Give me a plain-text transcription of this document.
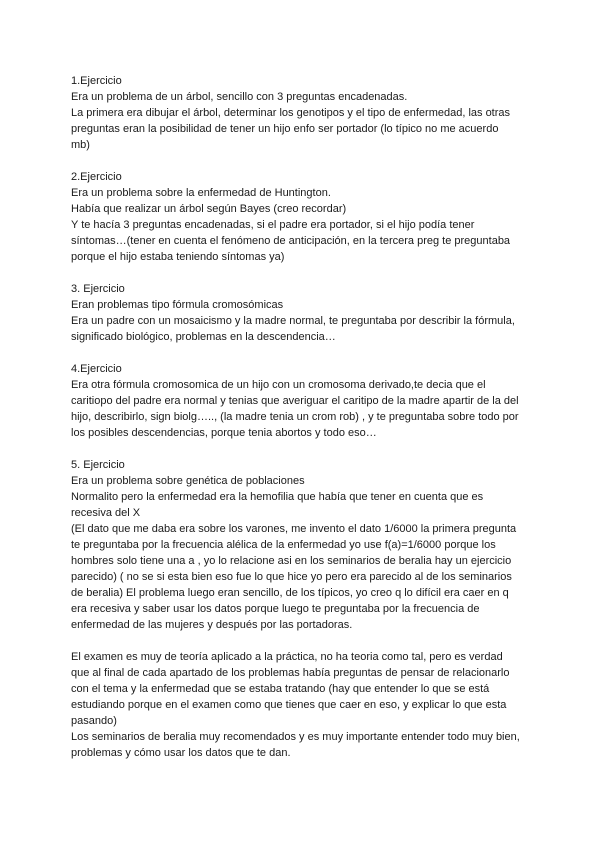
1.Ejercicio

Era un problema de un árbol, sencillo con 3 preguntas encadenadas.

La primera era dibujar el árbol, determinar los genotipos y el tipo de enfermedad, las otras

preguntas eran la posibilidad de tener un hijo enfo ser portador (lo típico no me acuerdo

mb)

2.Ejercicio

Era un problema sobre la enfermedad de Huntington.

Había que realizar un árbol según Bayes (creo recordar)

Y te hacía 3 preguntas encadenadas, si el padre era portador, si el hijo podía tener

síntomas…(tener en cuenta el fenómeno de anticipación, en la tercera preg te preguntaba

porque el hijo estaba teniendo síntomas ya)

3. Ejercicio

Eran problemas tipo fórmula cromosómicas

Era un padre con un mosaicismo y la madre normal, te preguntaba por describir la fórmula,

significado biológico, problemas en la descendencia…

4.Ejercicio

Era otra fórmula cromosomica de un hijo con un cromosoma derivado,te decia que el

caritiopo del padre era normal y tenias que averiguar el caritipo de la madre apartir de la del

hijo, describirlo, sign biolg….., (la madre tenia un crom rob) , y te preguntaba sobre todo por

los posibles descendencias, porque tenia abortos y todo eso…

5. Ejercicio

Era un problema sobre genética de poblaciones

Normalito pero la enfermedad era la hemofilia que había que tener en cuenta que es

recesiva del X

(El dato que me daba era sobre los varones, me invento el dato 1/6000 la primera pregunta

te preguntaba por la frecuencia alélica de la enfermedad yo use f(a)=1/6000 porque los

hombres solo tiene una a , yo lo relacione asi en los seminarios de beralia hay un ejercicio

parecido) ( no se si esta bien eso fue lo que hice yo pero era parecido al de los seminarios

de beralia) El problema luego eran sencillo, de los típicos, yo creo q lo difícil era caer en q

era recesiva y saber usar los datos porque luego te preguntaba por la frecuencia de

enfermedad de las mujeres y después por las portadoras.

El examen es muy de teoría aplicado a la práctica, no ha teoria como tal, pero es verdad

que al final de cada apartado de los problemas había preguntas de pensar de relacionarlo

con el tema y la enfermedad que se estaba tratando (hay que entender lo que se está

estudiando porque en el examen como que tienes que caer en eso, y explicar lo que esta

pasando)

Los seminarios de beralia muy recomendados y es muy importante entender todo muy bien,

problemas y cómo usar los datos que te dan.
